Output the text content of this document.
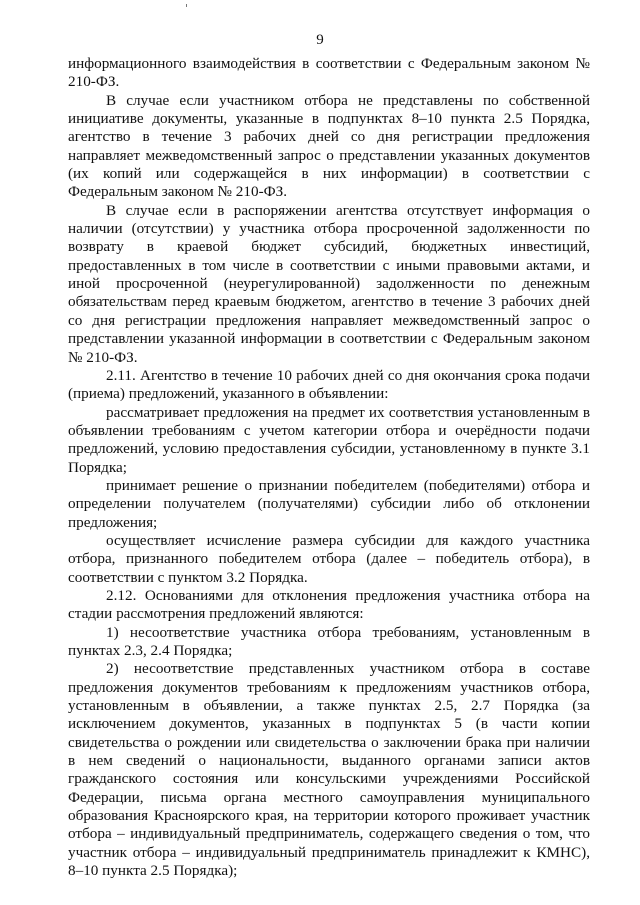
9

информационного взаимодействия в соответствии с Федеральным законом № 210-ФЗ.

В случае если участником отбора не представлены по собственной инициативе документы, указанные в подпунктах 8–10 пункта 2.5 Порядка, агентство в течение 3 рабочих дней со дня регистрации предложения направляет межведомственный запрос о представлении указанных документов (их копий или содержащейся в них информации) в соответствии с Федеральным законом № 210-ФЗ.

В случае если в распоряжении агентства отсутствует информация о наличии (отсутствии) у участника отбора просроченной задолженности по возврату в краевой бюджет субсидий, бюджетных инвестиций, предоставленных в том числе в соответствии с иными правовыми актами, и иной просроченной (неурегулированной) задолженности по денежным обязательствам перед краевым бюджетом, агентство в течение 3 рабочих дней со дня регистрации предложения направляет межведомственный запрос о представлении указанной информации в соответствии с Федеральным законом № 210-ФЗ.

2.11. Агентство в течение 10 рабочих дней со дня окончания срока подачи (приема) предложений, указанного в объявлении:

рассматривает предложения на предмет их соответствия установленным в объявлении требованиям с учетом категории отбора и очерёдности подачи предложений, условию предоставления субсидии, установленному в пункте 3.1 Порядка;

принимает решение о признании победителем (победителями) отбора и определении получателем (получателями) субсидии либо об отклонении предложения;

осуществляет исчисление размера субсидии для каждого участника отбора, признанного победителем отбора (далее – победитель отбора), в соответствии с пунктом 3.2 Порядка.

2.12. Основаниями для отклонения предложения участника отбора на стадии рассмотрения предложений являются:

1) несоответствие участника отбора требованиям, установленным в пунктах 2.3, 2.4 Порядка;

2) несоответствие представленных участником отбора в составе предложения документов требованиям к предложениям участников отбора, установленным в объявлении, а также пунктах 2.5, 2.7 Порядка (за исключением документов, указанных в подпунктах 5 (в части копии свидетельства о рождении или свидетельства о заключении брака при наличии в нем сведений о национальности, выданного органами записи актов гражданского состояния или консульскими учреждениями Российской Федерации, письма органа местного самоуправления муниципального образования Красноярского края, на территории которого проживает участник отбора – индивидуальный предприниматель, содержащего сведения о том, что участник отбора – индивидуальный предприниматель принадлежит к КМНС), 8–10 пункта 2.5 Порядка);
